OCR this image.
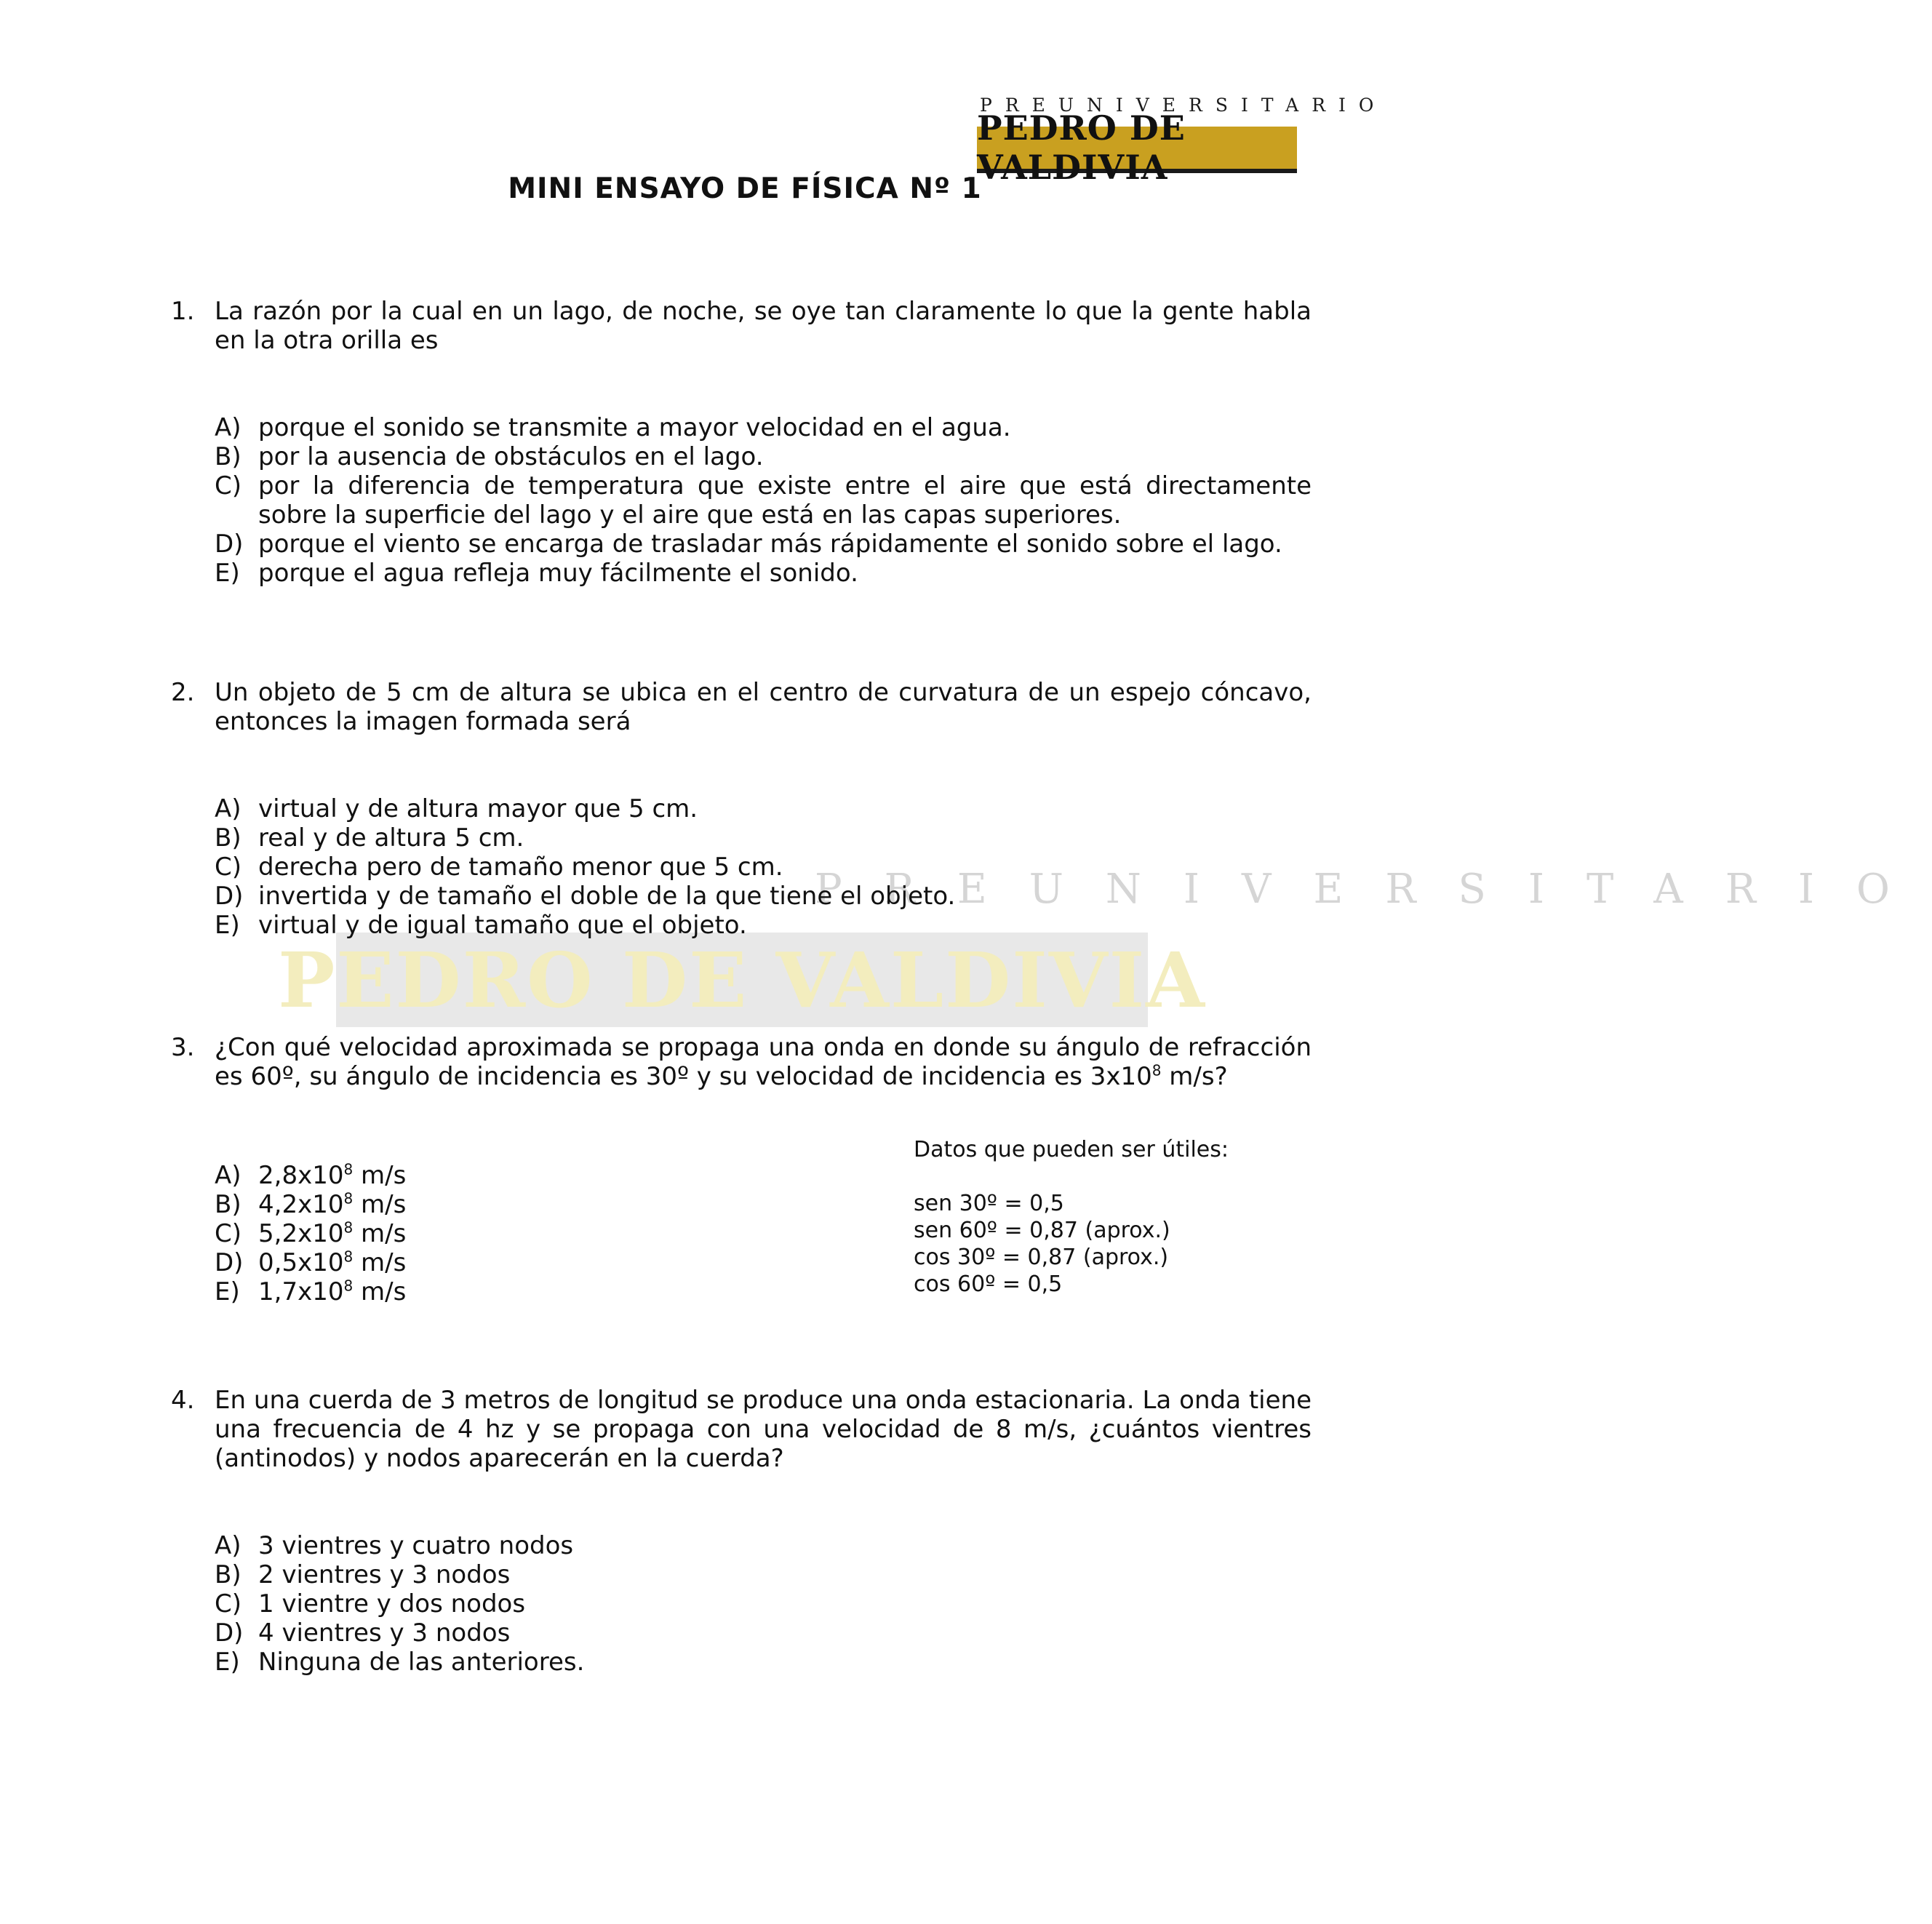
PREUNIVERSITARIO
PEDRO DE VALDIVIA
PREUNIVERSITARIO
PEDRO DE VALDIVIA
MINI ENSAYO DE FÍSICA Nº 1
1. La razón por la cual en un lago, de noche, se oye tan claramente lo que la gente habla en la otra orilla es
A) porque el sonido se transmite a mayor velocidad en el agua.
B) por la ausencia de obstáculos en el lago.
C) por la diferencia de temperatura que existe entre el aire que está directamente sobre la superficie del lago y el aire que está en las capas superiores.
D) porque el viento se encarga de trasladar más rápidamente el sonido sobre el lago.
E) porque el agua refleja muy fácilmente el sonido.
2. Un objeto de 5 cm de altura se ubica en el centro de curvatura de un espejo cóncavo, entonces la imagen formada será
A) virtual y de altura mayor que 5 cm.
B) real y de altura 5 cm.
C) derecha pero de tamaño menor que 5 cm.
D) invertida y de tamaño el doble de la que tiene el objeto.
E) virtual y de igual tamaño que el objeto.
3. ¿Con qué velocidad aproximada se propaga una onda en donde su ángulo de refracción es 60º, su ángulo de incidencia es 30º y su velocidad de incidencia es $3x10^8$ m/s?
A) $2,8x10^8$ m/s
B) $4,2x10^8$ m/s
C) $5,2x10^8$ m/s
D) $0,5x10^8$ m/s
E) $1,7x10^8$ m/s
Datos que pueden ser útiles:
sen 30º = 0,5
sen 60º = 0,87 (aprox.)
cos 30º = 0,87 (aprox.)
cos 60º = 0,5
4. En una cuerda de 3 metros de longitud se produce una onda estacionaria. La onda tiene una frecuencia de 4 hz y se propaga con una velocidad de 8 m/s, ¿cuántos vientres (antinodos) y nodos aparecerán en la cuerda?
A) 3 vientres y cuatro nodos
B) 2 vientres y 3 nodos
C) 1 vientre y dos nodos
D) 4 vientres y 3 nodos
E) Ninguna de las anteriores.
